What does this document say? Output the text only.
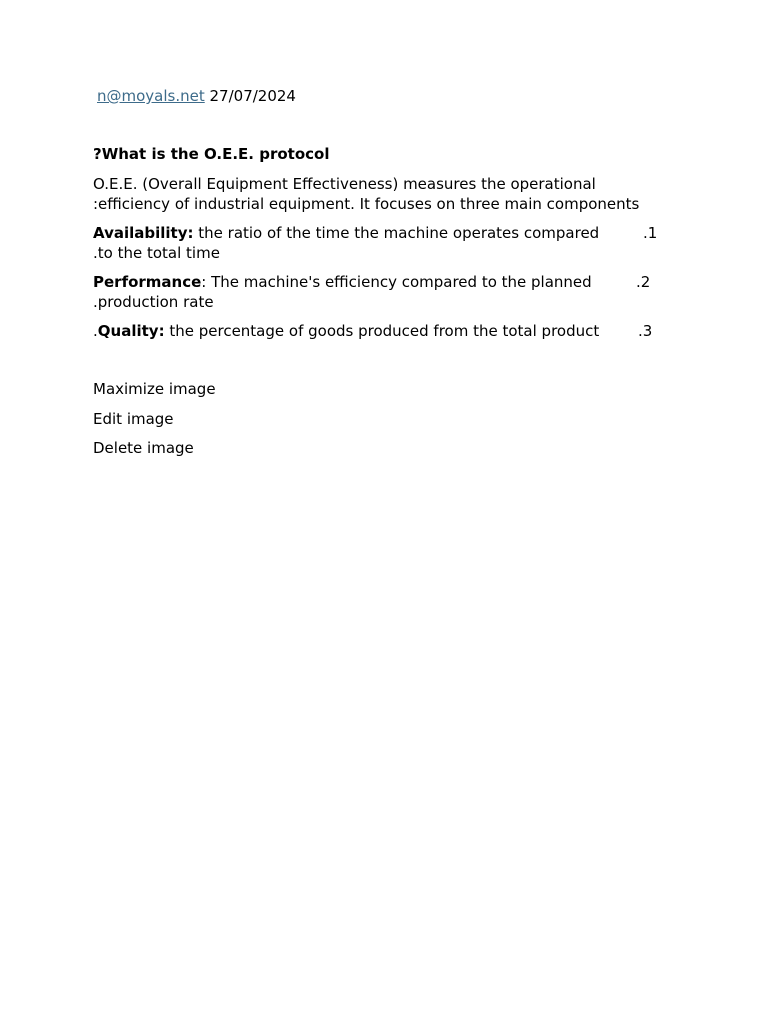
n@moyals.net 27/07/2024
?What is the O.E.E. protocol
O.E.E. (Overall Equipment Effectiveness) measures the operational
:efficiency of industrial equipment. It focuses on three main components
Availability: the ratio of the time the machine operates compared	.1
.to the total time
Performance: The machine's efficiency compared to the planned	.2
.production rate
.Quality: the percentage of goods produced from the total product	.3
Maximize image
Edit image
Delete image
